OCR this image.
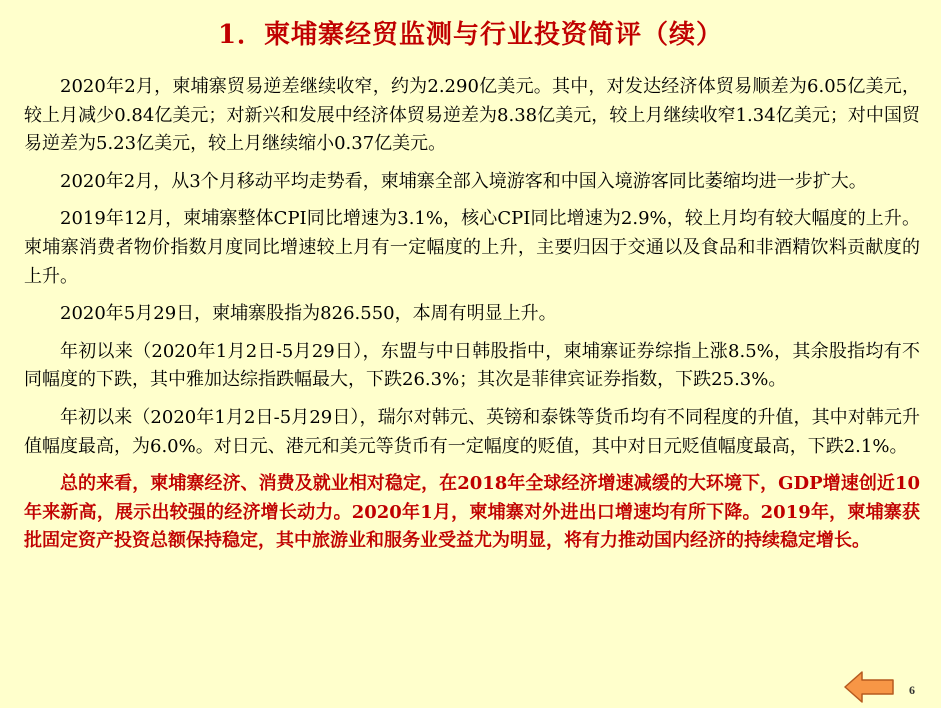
1．柬埔寨经贸监测与行业投资简评（续）

2020年2月，柬埔寨贸易逆差继续收窄，约为2.290亿美元。其中，对发达经济体贸易顺差为6.05亿美元，较上月减少0.84亿美元；对新兴和发展中经济体贸易逆差为8.38亿美元，较上月继续收窄1.34亿美元；对中国贸易逆差为5.23亿美元，较上月继续缩小0.37亿美元。

2020年2月，从3个月移动平均走势看，柬埔寨全部入境游客和中国入境游客同比萎缩均进一步扩大。

2019年12月，柬埔寨整体CPI同比增速为3.1%，核心CPI同比增速为2.9%，较上月均有较大幅度的上升。柬埔寨消费者物价指数月度同比增速较上月有一定幅度的上升，主要归因于交通以及食品和非酒精饮料贡献度的上升。

2020年5月29日，柬埔寨股指为826.550，本周有明显上升。

年初以来（2020年1月2日-5月29日），东盟与中日韩股指中，柬埔寨证券综指上涨8.5%，其余股指均有不同幅度的下跌，其中雅加达综指跌幅最大，下跌26.3%；其次是菲律宾证券指数，下跌25.3%。

年初以来（2020年1月2日-5月29日），瑞尔对韩元、英镑和泰铢等货币均有不同程度的升值，其中对韩元升值幅度最高，为6.0%。对日元、港元和美元等货币有一定幅度的贬值，其中对日元贬值幅度最高，下跌2.1%。

总的来看，柬埔寨经济、消费及就业相对稳定，在2018年全球经济增速减缓的大环境下，GDP增速创近10年来新高，展示出较强的经济增长动力。2020年1月，柬埔寨对外进出口增速均有所下降。2019年，柬埔寨获批固定资产投资总额保持稳定，其中旅游业和服务业受益尤为明显，将有力推动国内经济的持续稳定增长。

6
